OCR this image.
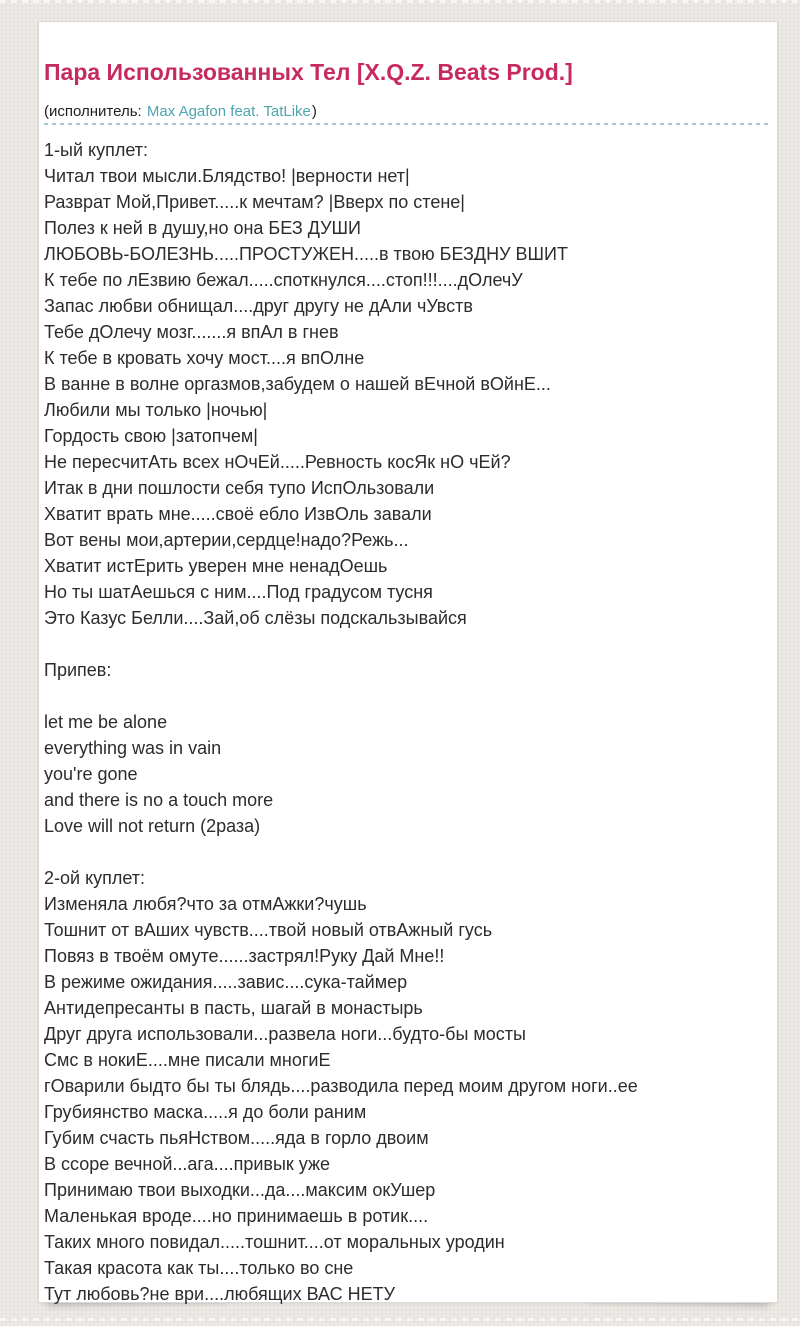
Пара Использованных Тел [X.Q.Z. Beats Prod.]
(исполнитель: Max Agafon feat. TatLike)
1-ый куплет:
Читал твои мысли.Блядство! |верности нет|
Разврат Мой,Привет.....к мечтам? |Вверх по стене|
Полез к ней в душу,но она БЕЗ ДУШИ
ЛЮБОВЬ-БОЛЕЗНЬ.....ПРОСТУЖЕН.....в твою БЕЗДНУ ВШИТ
К тебе по лЕзвию бежал.....споткнулся....стоп!!!....дОлечУ
Запас любви обнищал....друг другу не дАли чУвств
Тебе дОлечу мозг.......я впАл в гнев
К тебе в кровать хочу мост....я впОлне
В ванне в волне оргазмов,забудем о нашей вЕчной вОйнЕ...
Любили мы только |ночью|
Гордость свою |затопчем|
Не пересчитАть всех нОчЕй.....Ревность косЯк нО чЕй?
Итак в дни пошлости себя тупо ИспОльзовали
Хватит врать мне.....своё ебло ИзвОль завали
Вот вены мои,артерии,сердце!надо?Режь...
Хватит истЕрить уверен мне ненадОешь
Но ты шатАешься с ним....Под градусом тусня
Это Казус Белли....Зай,об слёзы подскальзывайся

Припев:

let me be alone
everything was in vain
you're gone
and there is no a touch more
Love will not return (2раза)

2-ой куплет:
Изменяла любя?что за отмАжки?чушь
Тошнит от вАших чувств....твой новый отвАжный гусь
Повяз в твоём омуте......застрял!Руку Дай Мне!!
В режиме ожидания.....завис....сука-таймер
Антидепресанты в пасть, шагай в монастырь
Друг друга использовали...развела ноги...будто-бы мосты
Смс в нокиЕ....мне писали многиЕ
гОварили быдто бы ты блядь....разводила перед моим другом ноги..ее
Грубиянство маска.....я до боли раним
Губим счасть пьяНством.....яда в горло двоим
В ссоре вечной...ага....привык уже
Принимаю твои выходки...да....максим окУшер
Маленькая вроде....но принимаешь в ротик....
Таких много повидал.....тошнит....от моральных уродин
Такая красота как ты....только во сне
Тут любовь?не ври....любящих ВАС НЕТУ
